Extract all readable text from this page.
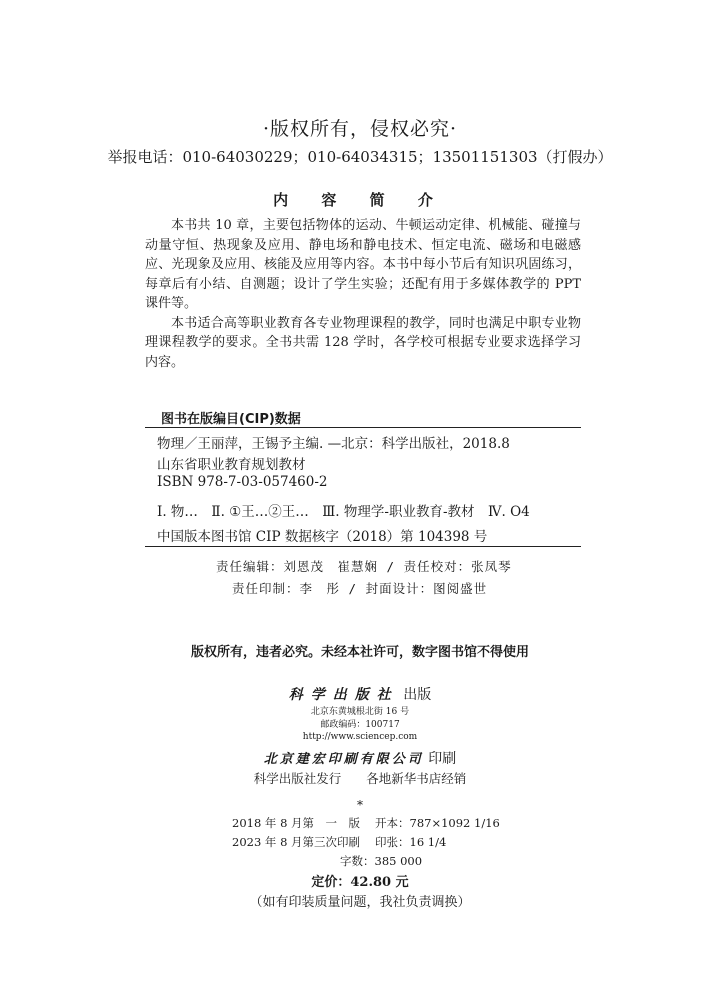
·版权所有，侵权必究·
举报电话：010-64030229；010-64034315；13501151303（打假办）
内 容 简 介

本书共 10 章，主要包括物体的运动、牛顿运动定律、机械能、碰撞与动量守恒、热现象及应用、静电场和静电技术、恒定电流、磁场和电磁感应、光现象及应用、核能及应用等内容。本书中每小节后有知识巩固练习，每章后有小结、自测题；设计了学生实验；还配有用于多媒体教学的 PPT 课件等。

本书适合高等职业教育各专业物理课程的教学，同时也满足中职专业物理课程教学的要求。全书共需 128 学时，各学校可根据专业要求选择学习内容。

图书在版编目(CIP)数据
物理／王丽萍，王锡予主编. —北京：科学出版社，2018.8
山东省职业教育规划教材
ISBN 978-7-03-057460-2
Ⅰ. 物…　Ⅱ. ①王…②王…　Ⅲ. 物理学-职业教育-教材　Ⅳ. O4
中国版本图书馆 CIP 数据核字（2018）第 104398 号
责任编辑：刘恩茂　崔慧娴 / 责任校对：张凤琴
责任印制：李　彤 / 封面设计：图阅盛世
版权所有，违者必究。未经本社许可，数字图书馆不得使用
科学出版社 出版
北京东黄城根北街 16 号
邮政编码：100717
http://www.sciencep.com
北京建宏印刷有限公司 印刷
科学出版社发行　　各地新华书店经销
*
2018 年 8 月第　一　版 开本：787×1092 1/16
2023 年 8 月第三次印刷 印张：16 1/4
字数：385 000
定价：42.80 元
（如有印装质量问题，我社负责调换）
